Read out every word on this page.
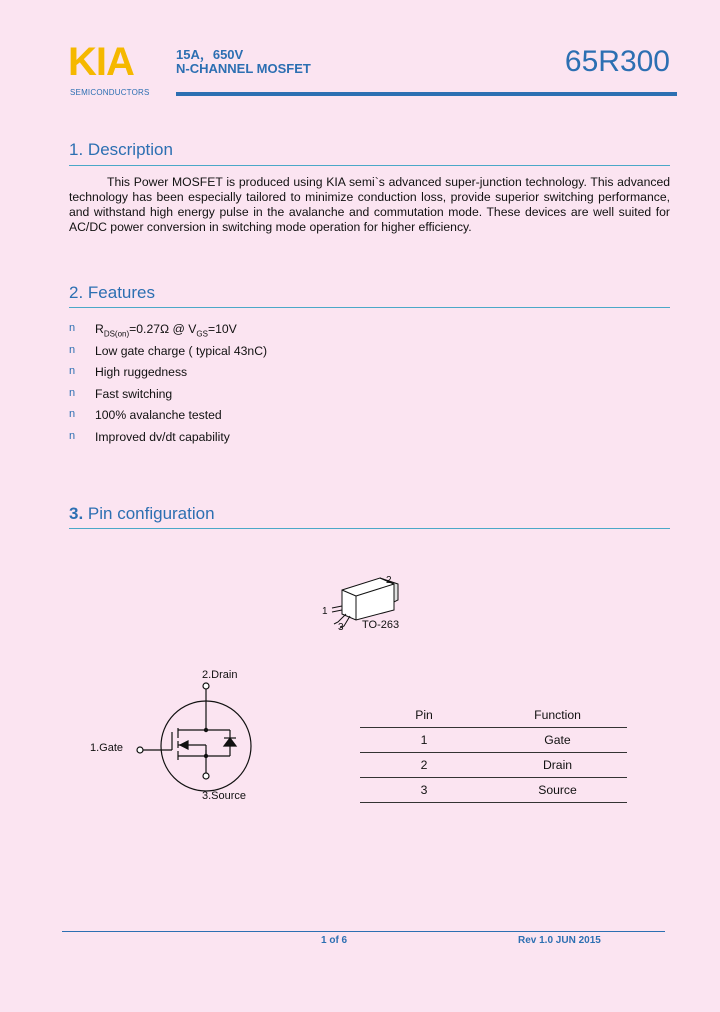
KIA
SEMICONDUCTORS
15A，650V
N-CHANNEL MOSFET	65R300
1. Description
This Power MOSFET is produced using KIA semi`s advanced super-junction technology. This advanced technology has been especially tailored to minimize conduction loss, provide superior switching performance, and withstand high energy pulse in the avalanche and commutation mode. These devices are well suited for AC/DC power conversion in switching mode operation for higher efficiency.
2. Features
n	$R_{DS(on)}=0.27\Omega$ @ $V_{GS}=10V$
n	Low gate charge ( typical 43nC)
n	High ruggedness
n	Fast switching
n	100% avalanche tested
n	Improved dv/dt capability
3. Pin configuration
2
1
3 TO-263
2.Drain
1.Gate
3.Source
Pin	Function
1	Gate
2	Drain
3	Source
1 of 6	Rev 1.0 JUN 2015
